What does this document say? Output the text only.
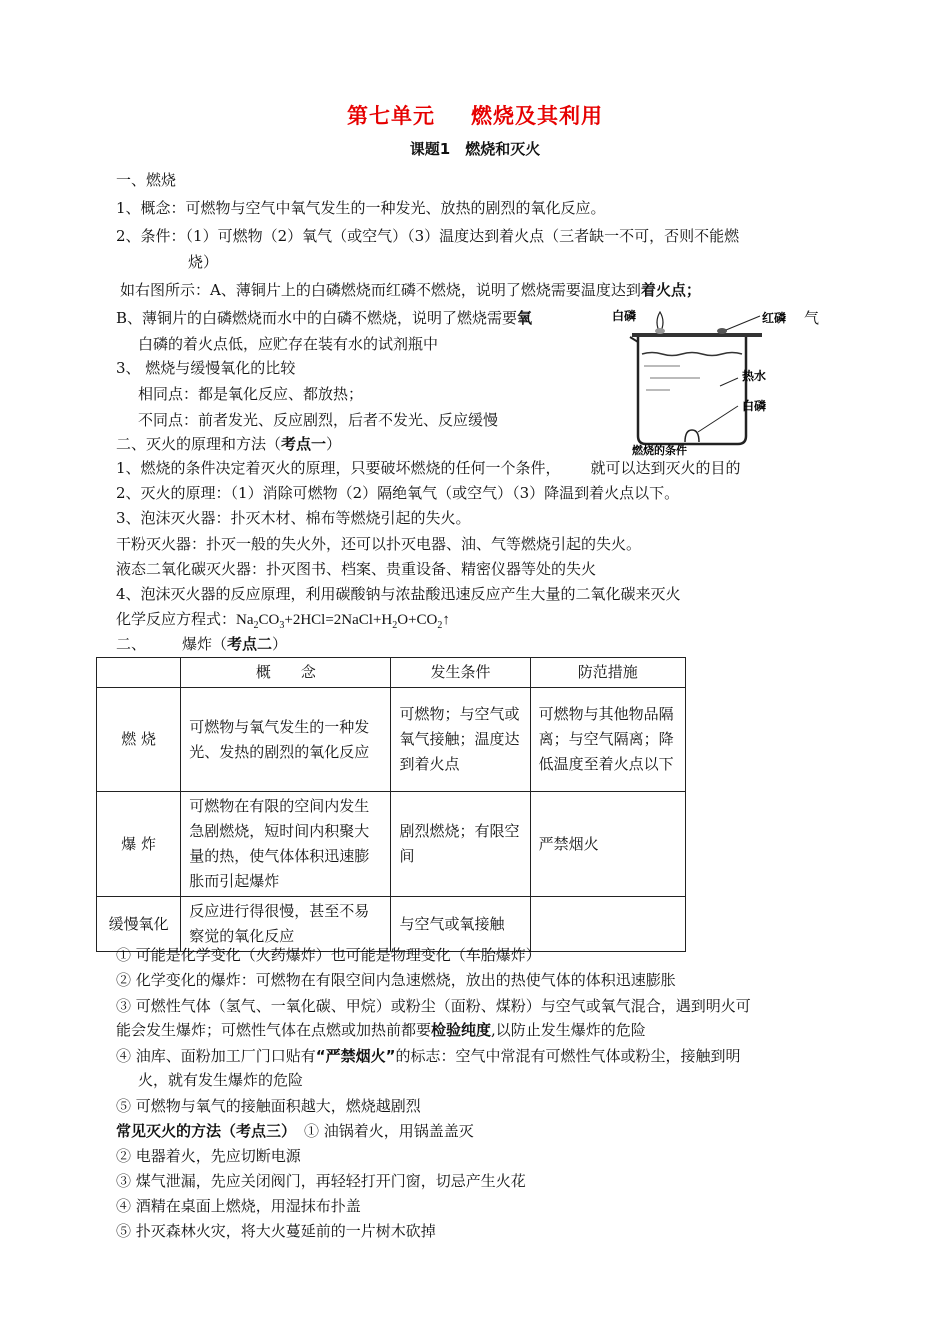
第七单元 燃烧及其利用
课题1　燃烧和灭火
一、燃烧
1、概念：可燃物与空气中氧气发生的一种发光、放热的剧烈的氧化反应。
2、条件：（1）可燃物（2）氧气（或空气）（3）温度达到着火点（三者缺一不可，否则不能燃
烧）
如右图所示：A、薄铜片上的白磷燃烧而红磷不燃烧，说明了燃烧需要温度达到着火点；
B、薄铜片的白磷燃烧而水中的白磷不燃烧，说明了燃烧需要氧	气
白磷的着火点低，应贮存在装有水的试剂瓶中
3、 燃烧与缓慢氧化的比较
相同点：都是氧化反应、都放热；
不同点：前者发光、反应剧烈，后者不发光、反应缓慢
白磷	红磷
热水
白磷
燃烧的条件
二、灭火的原理和方法（考点一）
1、燃烧的条件决定着灭火的原理，只要破坏燃烧的任何一个条件， 就可以达到灭火的目的
2、灭火的原理：（1）消除可燃物（2）隔绝氧气（或空气）（3）降温到着火点以下。
3、泡沫灭火器：扑灭木材、棉布等燃烧引起的失火。
干粉灭火器：扑灭一般的失火外，还可以扑灭电器、油、气等燃烧引起的失火。
液态二氧化碳灭火器：扑灭图书、档案、贵重设备、精密仪器等处的失火
4、泡沫灭火器的反应原理，利用碳酸钠与浓盐酸迅速反应产生大量的二氧化碳来灭火
化学反应方程式：$Na_2CO_3+2HCl=2NaCl+H_2O+CO_2↑$
二、 爆炸（考点二）
	概　　念	发生条件	防范措施
燃 烧	可燃物与氧气发生的一种发光、发热的剧烈的氧化反应	可燃物；与空气或氧气接触；温度达到着火点	可燃物与其他物品隔离；与空气隔离；降低温度至着火点以下
爆 炸	可燃物在有限的空间内发生急剧燃烧，短时间内积聚大量的热，使气体体积迅速膨胀而引起爆炸	剧烈燃烧；有限空间	严禁烟火
缓慢氧化	反应进行得很慢，甚至不易察觉的氧化反应	与空气或氧接触	
① 可能是化学变化（火药爆炸）也可能是物理变化（车胎爆炸）
② 化学变化的爆炸：可燃物在有限空间内急速燃烧，放出的热使气体的体积迅速膨胀
③ 可燃性气体（氢气、一氧化碳、甲烷）或粉尘（面粉、煤粉）与空气或氧气混合，遇到明火可
能会发生爆炸；可燃性气体在点燃或加热前都要检验纯度,以防止发生爆炸的危险
④ 油库、面粉加工厂门口贴有“严禁烟火”的标志：空气中常混有可燃性气体或粉尘，接触到明
火，就有发生爆炸的危险
⑤ 可燃物与氧气的接触面积越大，燃烧越剧烈
常见灭火的方法（考点三） ① 油锅着火，用锅盖盖灭
② 电器着火，先应切断电源
③ 煤气泄漏，先应关闭阀门，再轻轻打开门窗，切忌产生火花
④ 酒精在桌面上燃烧，用湿抹布扑盖
⑤ 扑灭森林火灾，将大火蔓延前的一片树木砍掉
